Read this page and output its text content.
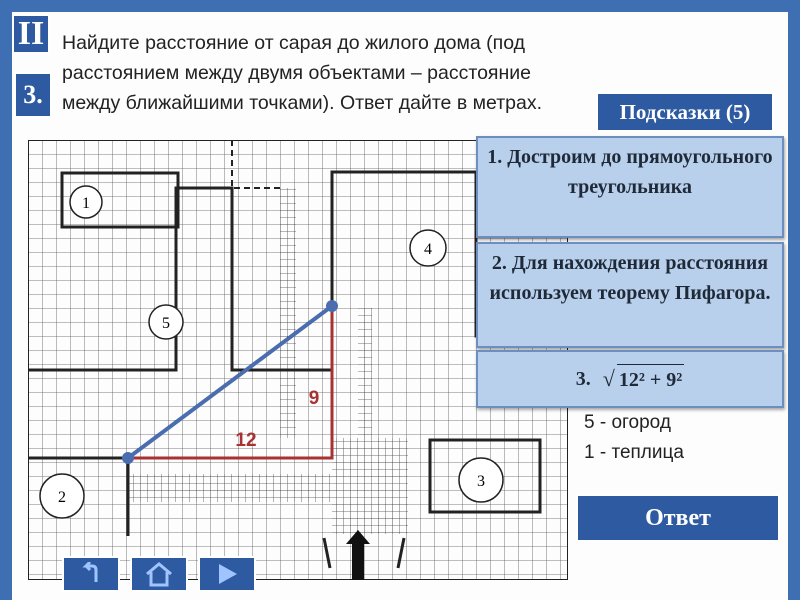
II
3.
Найдите расстояние от сарая до жилого дома (под расстоянием между двумя объектами – расстояние между ближайшими точками). Ответ дайте в метрах.	Подсказки (5)
1
5
4
2
3
12
9
1. Достроим до прямоугольного треугольника
2. Для нахождения расстояния используем теорему Пифагора.
3. √ 12² + 9²
5 - огород
1 - теплица
Ответ
